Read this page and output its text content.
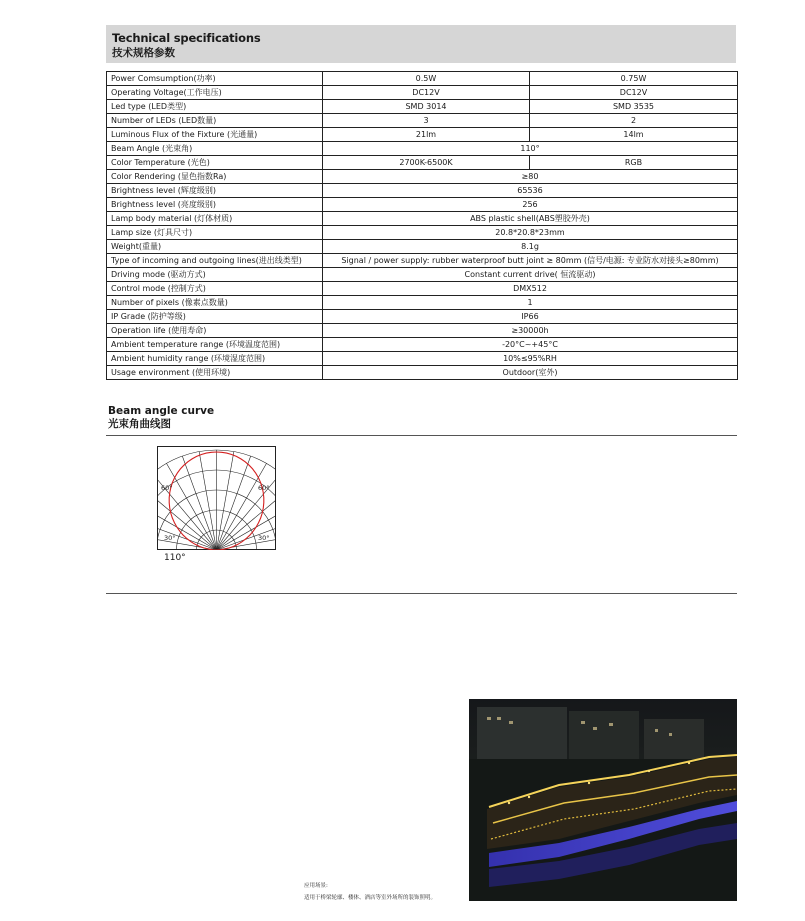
Technical specifications
技术规格参数
Power Comsumption(功率)	0.5W	0.75W
Operating Voltage(工作电压)	DC12V	DC12V
Led type (LED类型)	SMD 3014	SMD 3535
Number of LEDs (LED数量)	3	2
Luminous Flux of the Fixture (光通量)	21lm	14lm
Beam Angle (光束角)	110°	
Color Temperature (光色)	2700K-6500K	RGB
Color Rendering (显色指数Ra)	≥80	
Brightness level (辉度级别)	65536	
Brightness level (亮度级别)	256	
Lamp body material (灯体材质)	ABS plastic shell(ABS塑胶外壳)	
Lamp size (灯具尺寸)	20.8*20.8*23mm	
Weight(重量)	8.1g	
Type of incoming and outgoing lines(进出线类型)	Signal / power supply: rubber waterproof butt joint ≥ 80mm (信号/电源: 专业防水对接头≥80mm)	
Driving mode (驱动方式)	Constant current drive( 恒流驱动)	
Control mode (控制方式)	DMX512	
Number of pixels (像素点数量)	1	
IP Grade (防护等级)	IP66	
Operation life (使用寿命)	≥30000h	
Ambient temperature range (环境温度范围)	-20°C~+45°C	
Ambient humidity range (环境湿度范围)	10%≤95%RH	
Usage environment (使用环境)	Outdoor(室外)	
Beam angle curve
光束角曲线图
60°	60°
30°	30°
110°
应用场景:
适用于桥梁轮廓、楼体、酒店等室外场所的装饰照明。
